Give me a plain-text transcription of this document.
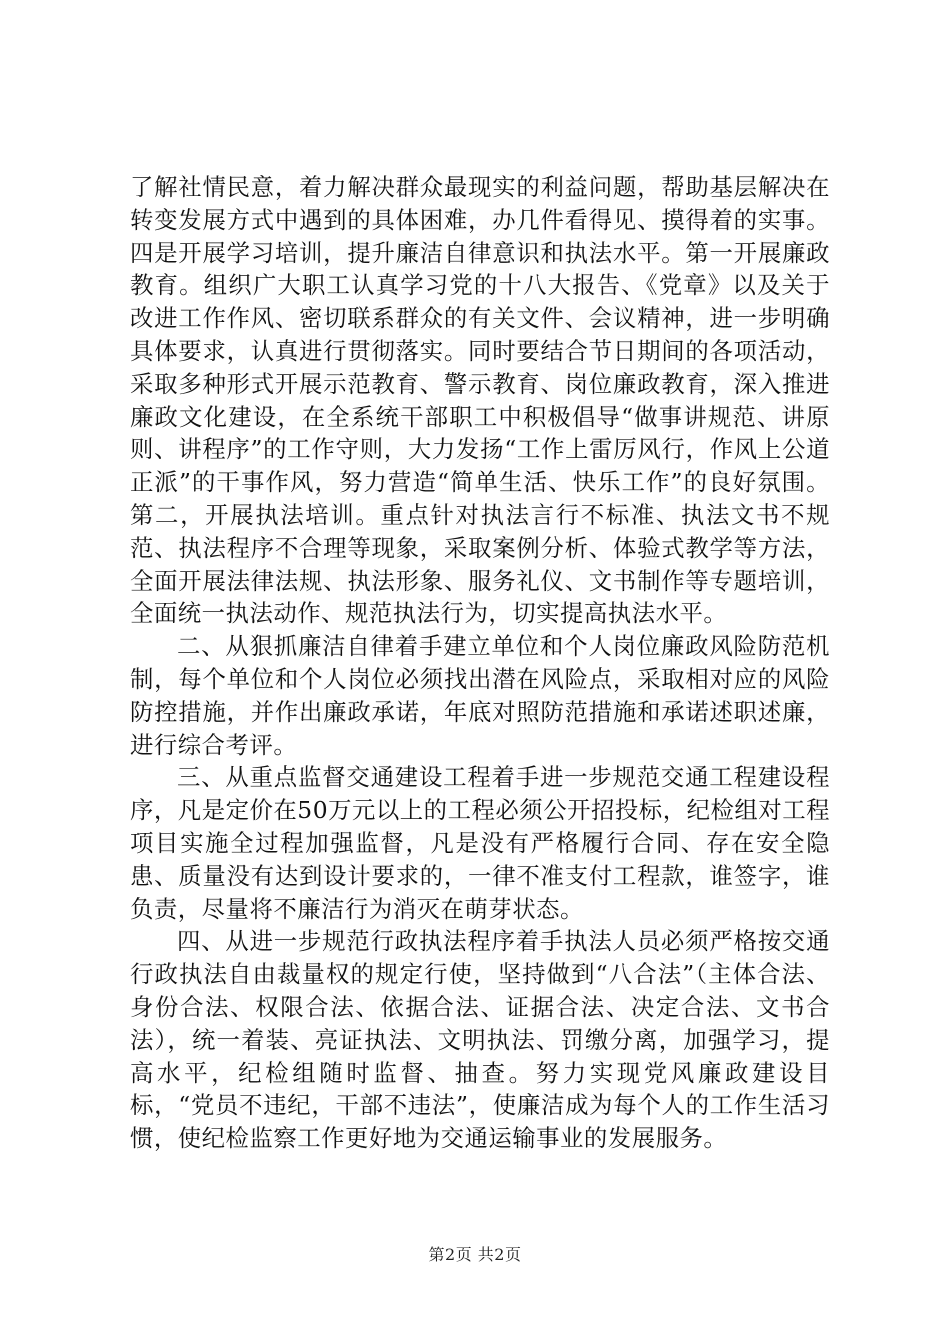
了解社情民意，着力解决群众最现实的利益问题，帮助基层解决在转变发展方式中遇到的具体困难，办几件看得见、摸得着的实事。四是开展学习培训，提升廉洁自律意识和执法水平。第一开展廉政教育。组织广大职工认真学习党的十八大报告、《党章》以及关于改进工作作风、密切联系群众的有关文件、会议精神，进一步明确具体要求，认真进行贯彻落实。同时要结合节日期间的各项活动，采取多种形式开展示范教育、警示教育、岗位廉政教育，深入推进廉政文化建设，在全系统干部职工中积极倡导“做事讲规范、讲原则、讲程序”的工作守则，大力发扬“工作上雷厉风行，作风上公道正派”的干事作风，努力营造“简单生活、快乐工作”的良好氛围。第二，开展执法培训。重点针对执法言行不标准、执法文书不规范、执法程序不合理等现象，采取案例分析、体验式教学等方法，全面开展法律法规、执法形象、服务礼仪、文书制作等专题培训，全面统一执法动作、规范执法行为，切实提高执法水平。

二、从狠抓廉洁自律着手建立单位和个人岗位廉政风险防范机制，每个单位和个人岗位必须找出潜在风险点，采取相对应的风险防控措施，并作出廉政承诺，年底对照防范措施和承诺述职述廉，进行综合考评。

三、从重点监督交通建设工程着手进一步规范交通工程建设程序，凡是定价在50万元以上的工程必须公开招投标，纪检组对工程项目实施全过程加强监督，凡是没有严格履行合同、存在安全隐患、质量没有达到设计要求的，一律不准支付工程款，谁签字，谁负责，尽量将不廉洁行为消灭在萌芽状态。

四、从进一步规范行政执法程序着手执法人员必须严格按交通行政执法自由裁量权的规定行使，坚持做到“八合法”（主体合法、身份合法、权限合法、依据合法、证据合法、决定合法、文书合法），统一着装、亮证执法、文明执法、罚缴分离，加强学习，提高水平，纪检组随时监督、抽查。努力实现党风廉政建设目标，“党员不违纪，干部不违法”，使廉洁成为每个人的工作生活习惯，使纪检监察工作更好地为交通运输事业的发展服务。

第2页 共2页
